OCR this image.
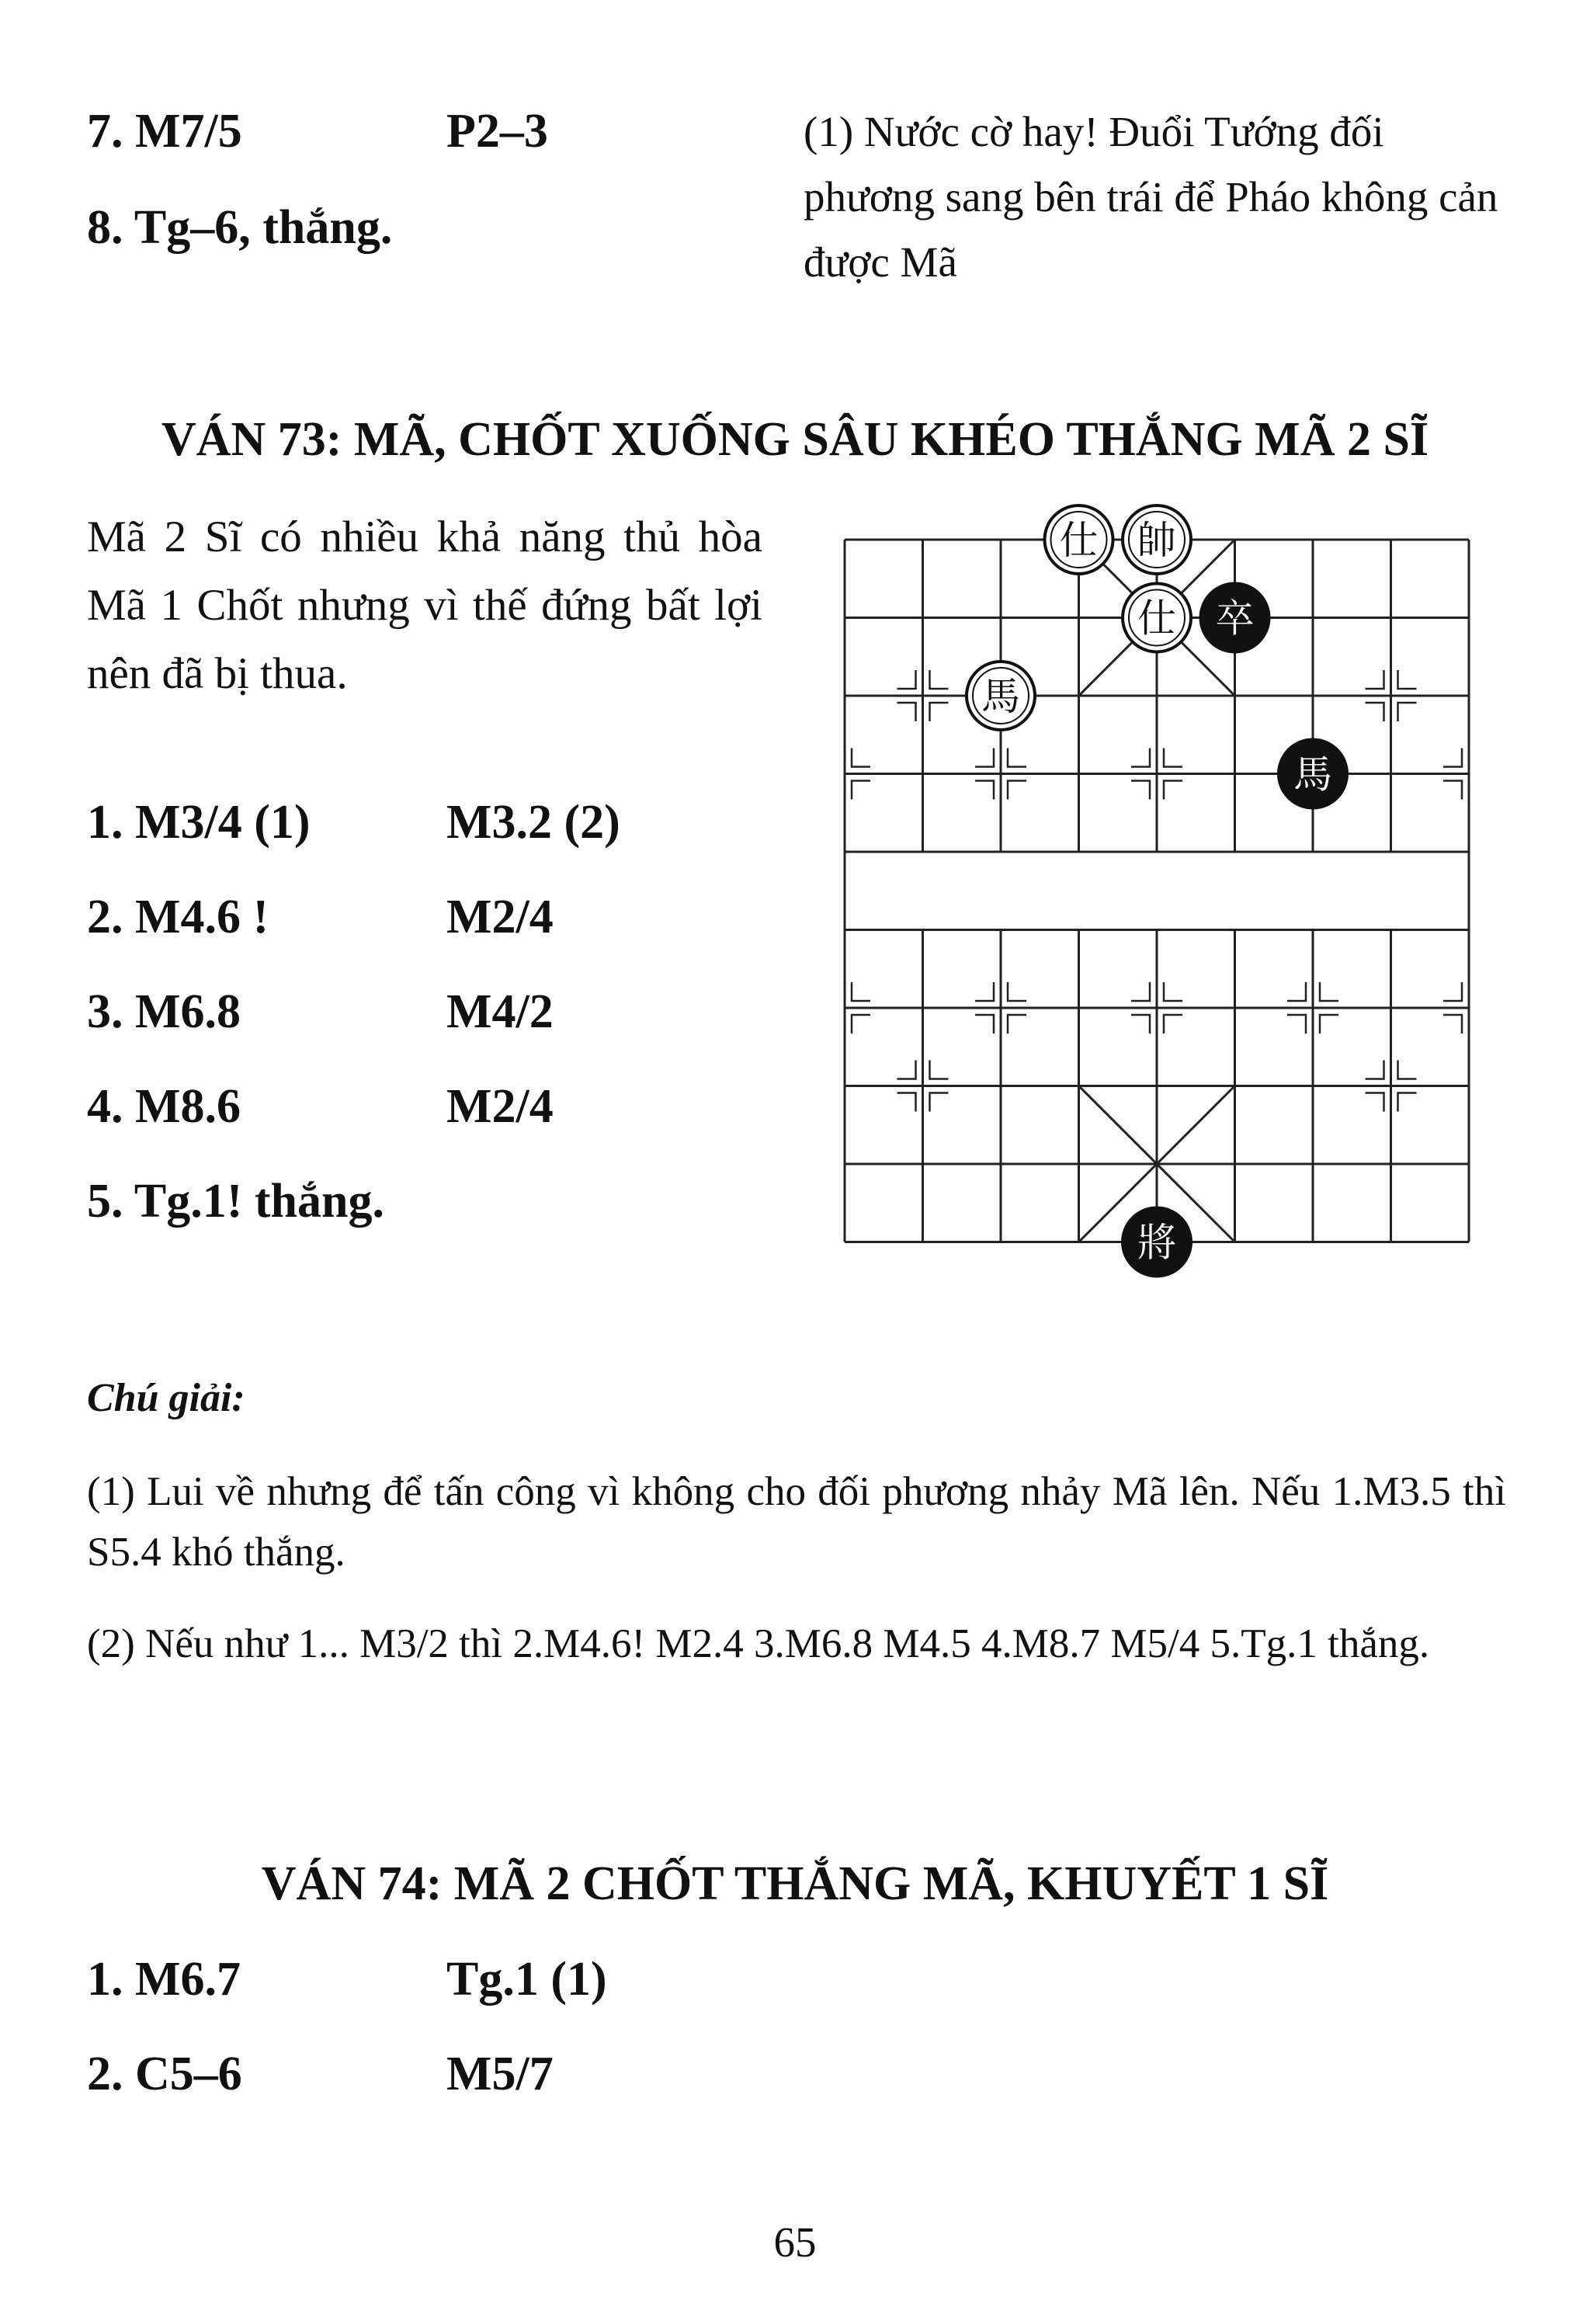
7. M7/5	P2–3
8. Tg–6, thắng.
(1) Nước cờ hay! Đuổi Tướng đối phương sang bên trái để Pháo không cản được Mã
VÁN 73: MÃ, CHỐT XUỐNG SÂU KHÉO THẮNG MÃ 2 SĨ
Mã 2 Sĩ có nhiều khả năng thủ hòa Mã 1 Chốt nhưng vì thế đứng bất lợi nên đã bị thua.
1. M3/4 (1)	M3.2 (2)
2. M4.6 !	M2/4
3. M6.8	M4/2
4. M8.6	M2/4
5. Tg.1! thắng.
仕 帥
仕 卒
馬
馬
將
Chú giải:
(1) Lui về nhưng để tấn công vì không cho đối phương nhảy Mã lên. Nếu 1.M3.5 thì S5.4 khó thắng.
(2) Nếu như 1... M3/2 thì 2.M4.6! M2.4 3.M6.8 M4.5 4.M8.7 M5/4 5.Tg.1 thắng.
VÁN 74: MÃ 2 CHỐT THẮNG MÃ, KHUYẾT 1 SĨ
1. M6.7	Tg.1 (1)
2. C5–6	M5/7
65
